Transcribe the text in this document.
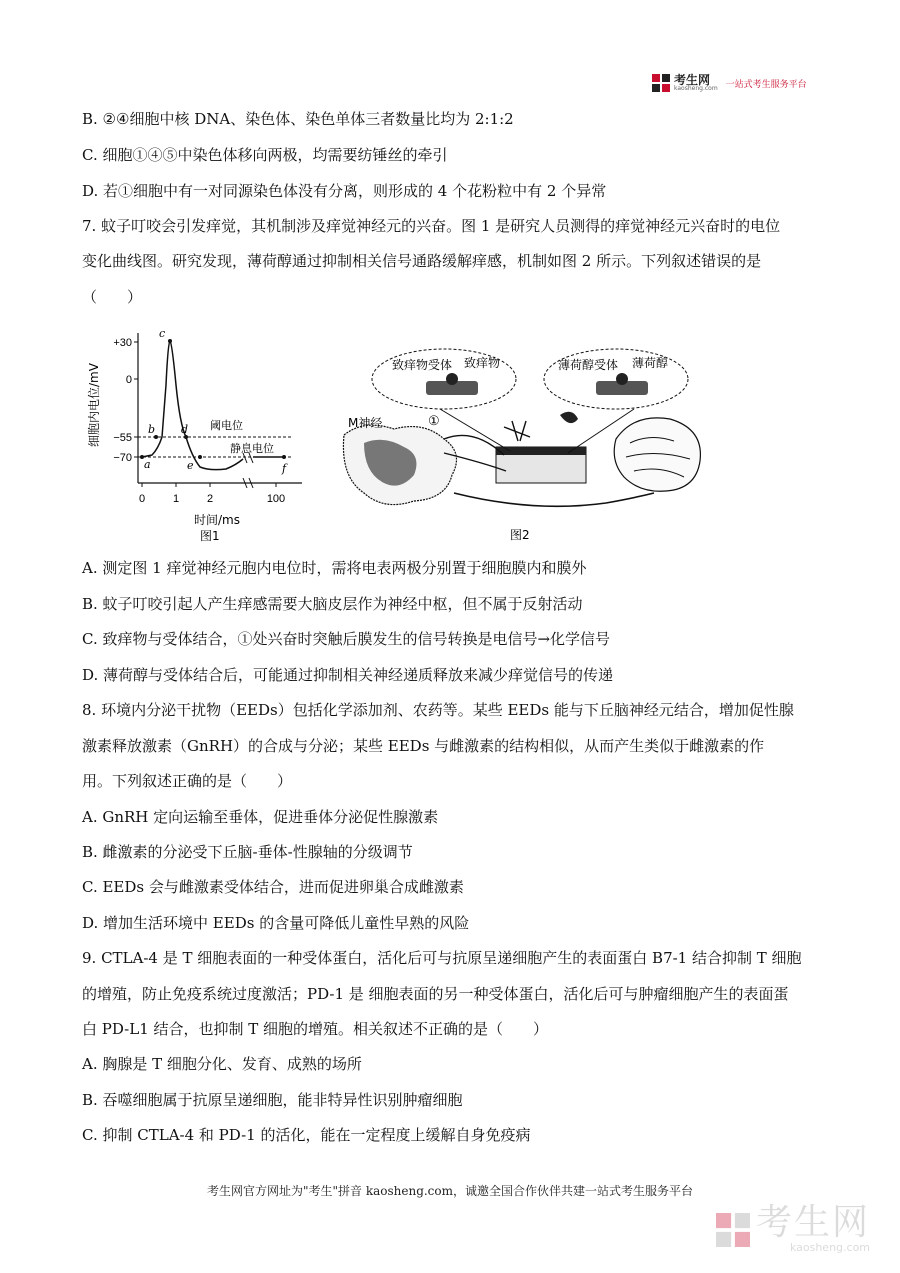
考生网
kaosheng.com 一站式考生服务平台
B. ②④细胞中核 DNA、染色体、染色单体三者数量比均为 2:1:2
C. 细胞①④⑤中染色体移向两极，均需要纺锤丝的牵引
D. 若①细胞中有一对同源染色体没有分离，则形成的 4 个花粉粒中有 2 个异常
7. 蚊子叮咬会引发痒觉，其机制涉及痒觉神经元的兴奋。图 1 是研究人员测得的痒觉神经元兴奋时的电位
变化曲线图。研究发现，薄荷醇通过抑制相关信号通路缓解痒感，机制如图 2 所示。下列叙述错误的是
（　　）
+30
0
−55
−70
细胞内电位/mV
0	1	2	100
阈电位
静息电位
a
b
c
d
e	f
时间/ms
图1
致痒物受体 致痒物	薄荷醇受体 薄荷醇
M神经	①
图2
A. 测定图 1 痒觉神经元胞内电位时，需将电表两极分别置于细胞膜内和膜外
B. 蚊子叮咬引起人产生痒感需要大脑皮层作为神经中枢，但不属于反射活动
C. 致痒物与受体结合，①处兴奋时突触后膜发生的信号转换是电信号→化学信号
D. 薄荷醇与受体结合后，可能通过抑制相关神经递质释放来减少痒觉信号的传递
8. 环境内分泌干扰物（EEDs）包括化学添加剂、农药等。某些 EEDs 能与下丘脑神经元结合，增加促性腺
激素释放激素（GnRH）的合成与分泌；某些 EEDs 与雌激素的结构相似，从而产生类似于雌激素的作
用。下列叙述正确的是（　　）
A. GnRH 定向运输至垂体，促进垂体分泌促性腺激素
B. 雌激素的分泌受下丘脑-垂体-性腺轴的分级调节
C. EEDs 会与雌激素受体结合，进而促进卵巢合成雌激素
D. 增加生活环境中 EEDs 的含量可降低儿童性早熟的风险
9. CTLA-4 是 T 细胞表面的一种受体蛋白，活化后可与抗原呈递细胞产生的表面蛋白 B7-1 结合抑制 T 细胞
的增殖，防止免疫系统过度激活；PD-1 是 细胞表面的另一种受体蛋白，活化后可与肿瘤细胞产生的表面蛋
白 PD-L1 结合，也抑制 T 细胞的增殖。相关叙述不正确的是（　　）
A. 胸腺是 T 细胞分化、发育、成熟的场所
B. 吞噬细胞属于抗原呈递细胞，能非特异性识别肿瘤细胞
C. 抑制 CTLA-4 和 PD-1 的活化，能在一定程度上缓解自身免疫病
考生网官方网址为"考生"拼音 kaosheng.com，诚邀全国合作伙伴共建一站式考生服务平台
考生网
kaosheng.com
